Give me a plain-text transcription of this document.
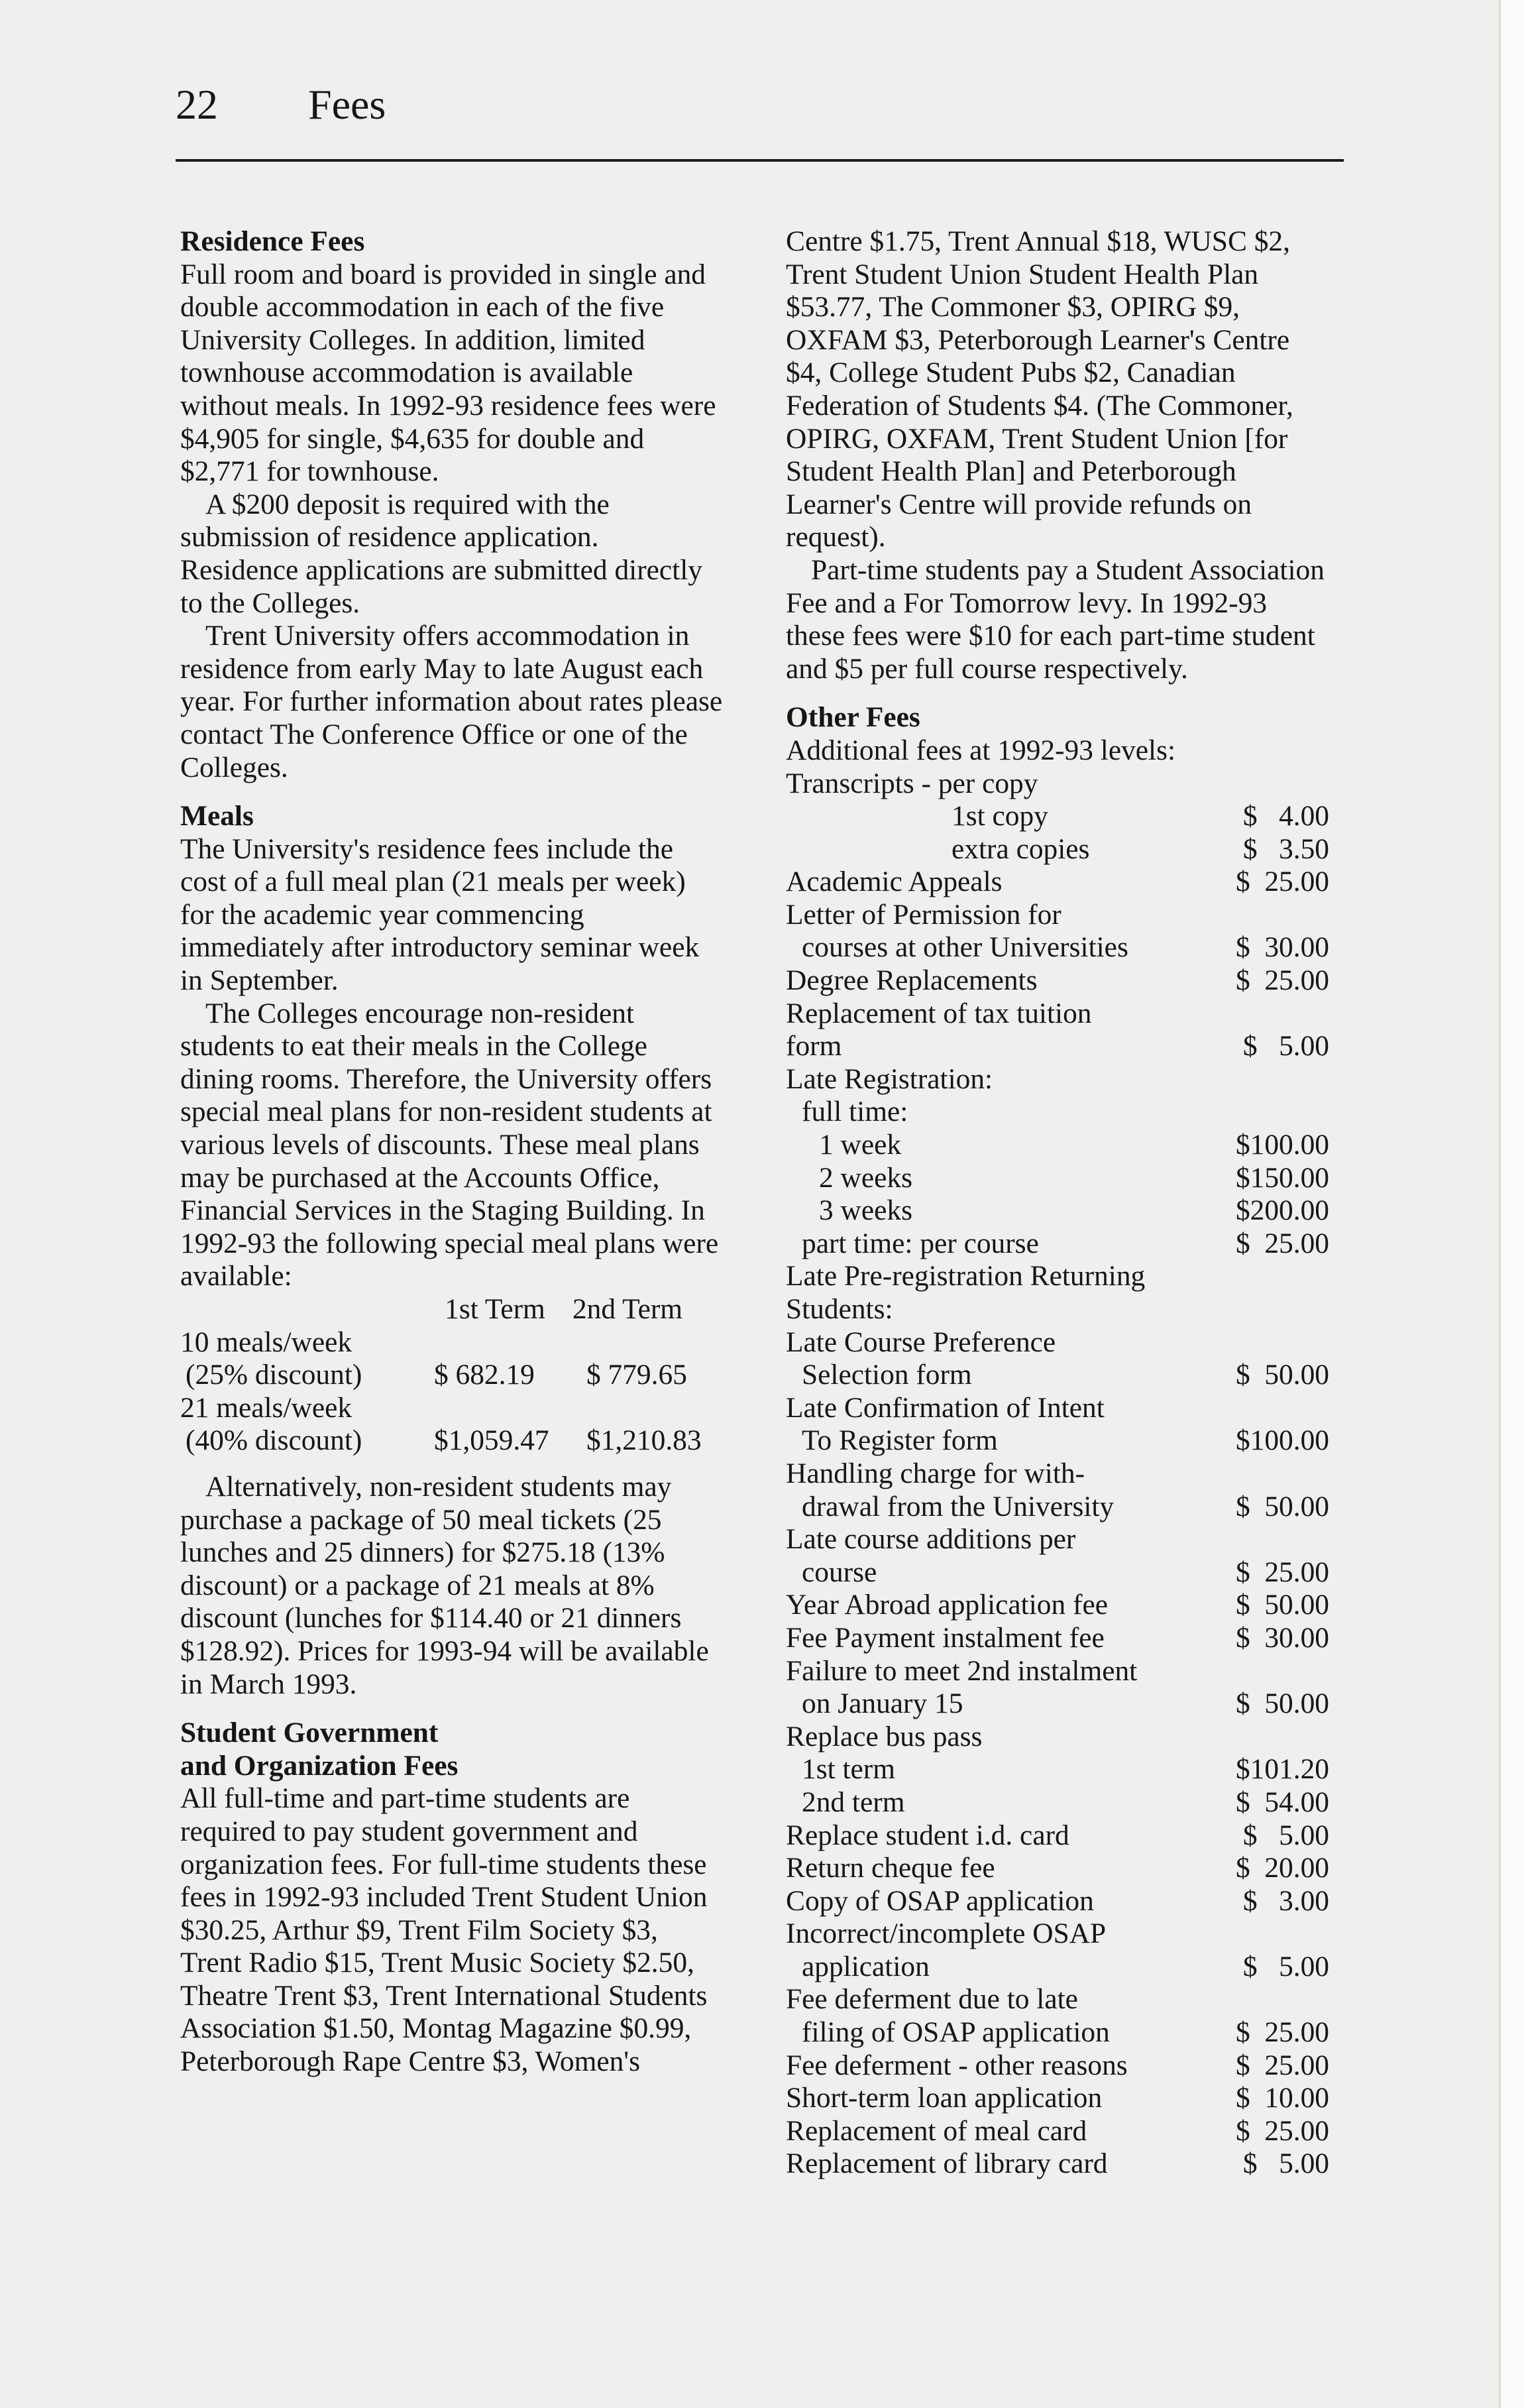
22 Fees
Residence Fees

Full room and board is provided in single and double accommodation in each of the five University Colleges. In addition, limited townhouse accommodation is available without meals. In 1992-93 residence fees were $4,905 for single, $4,635 for double and $2,771 for townhouse.

A $200 deposit is required with the submission of residence application. Residence applications are submitted directly to the Colleges.

Trent University offers accommodation in residence from early May to late August each year. For further information about rates please contact The Conference Office or one of the Colleges.

Meals

The University's residence fees include the cost of a full meal plan (21 meals per week) for the academic year commencing immediately after introductory seminar week in September.

The Colleges encourage non-resident students to eat their meals in the College dining rooms. Therefore, the University offers special meal plans for non-resident students at various levels of discounts. These meal plans may be purchased at the Accounts Office, Financial Services in the Staging Building. In 1992-93 the following special meal plans were available:

1st Term 2nd Term
10 meals/week
(25% discount)	$ 682.19	$ 779.65
21 meals/week
(40% discount)	$1,059.47	$1,210.83

Alternatively, non-resident students may purchase a package of 50 meal tickets (25 lunches and 25 dinners) for $275.18 (13% discount) or a package of 21 meals at 8% discount (lunches for $114.40 or 21 dinners $128.92). Prices for 1993-94 will be available in March 1993.

Student Government
and Organization Fees

All full-time and part-time students are required to pay student government and organization fees. For full-time students these fees in 1992-93 included Trent Student Union $30.25, Arthur $9, Trent Film Society $3, Trent Radio $15, Trent Music Society $2.50, Theatre Trent $3, Trent International Students Association $1.50, Montag Magazine $0.99, Peterborough Rape Centre $3, Women's

Centre $1.75, Trent Annual $18, WUSC $2, Trent Student Union Student Health Plan $53.77, The Commoner $3, OPIRG $9, OXFAM $3, Peterborough Learner's Centre $4, College Student Pubs $2, Canadian Federation of Students $4. (The Commoner, OPIRG, OXFAM, Trent Student Union [for Student Health Plan] and Peterborough Learner's Centre will provide refunds on request).

Part-time students pay a Student Association Fee and a For Tomorrow levy. In 1992-93 these fees were $10 for each part-time student and $5 per full course respectively.

Other Fees

Additional fees at 1992-93 levels:

Transcripts - per copy
1st copy	$   4.00
extra copies	$   3.50
Academic Appeals	$  25.00
Letter of Permission for
courses at other Universities	$  30.00
Degree Replacements	$  25.00
Replacement of tax tuition
form	$   5.00
Late Registration:
full time:
1 week	$100.00
2 weeks	$150.00
3 weeks	$200.00
part time: per course	$  25.00
Late Pre-registration Returning
Students:
Late Course Preference
Selection form	$  50.00
Late Confirmation of Intent
To Register form	$100.00
Handling charge for with-
drawal from the University	$  50.00
Late course additions per
course	$  25.00
Year Abroad application fee	$  50.00
Fee Payment instalment fee	$  30.00
Failure to meet 2nd instalment
on January 15	$  50.00
Replace bus pass
1st term	$101.20
2nd term	$  54.00
Replace student i.d. card	$   5.00
Return cheque fee	$  20.00
Copy of OSAP application	$   3.00
Incorrect/incomplete OSAP
application	$   5.00
Fee deferment due to late
filing of OSAP application	$  25.00
Fee deferment - other reasons	$  25.00
Short-term loan application	$  10.00
Replacement of meal card	$  25.00
Replacement of library card	$   5.00
